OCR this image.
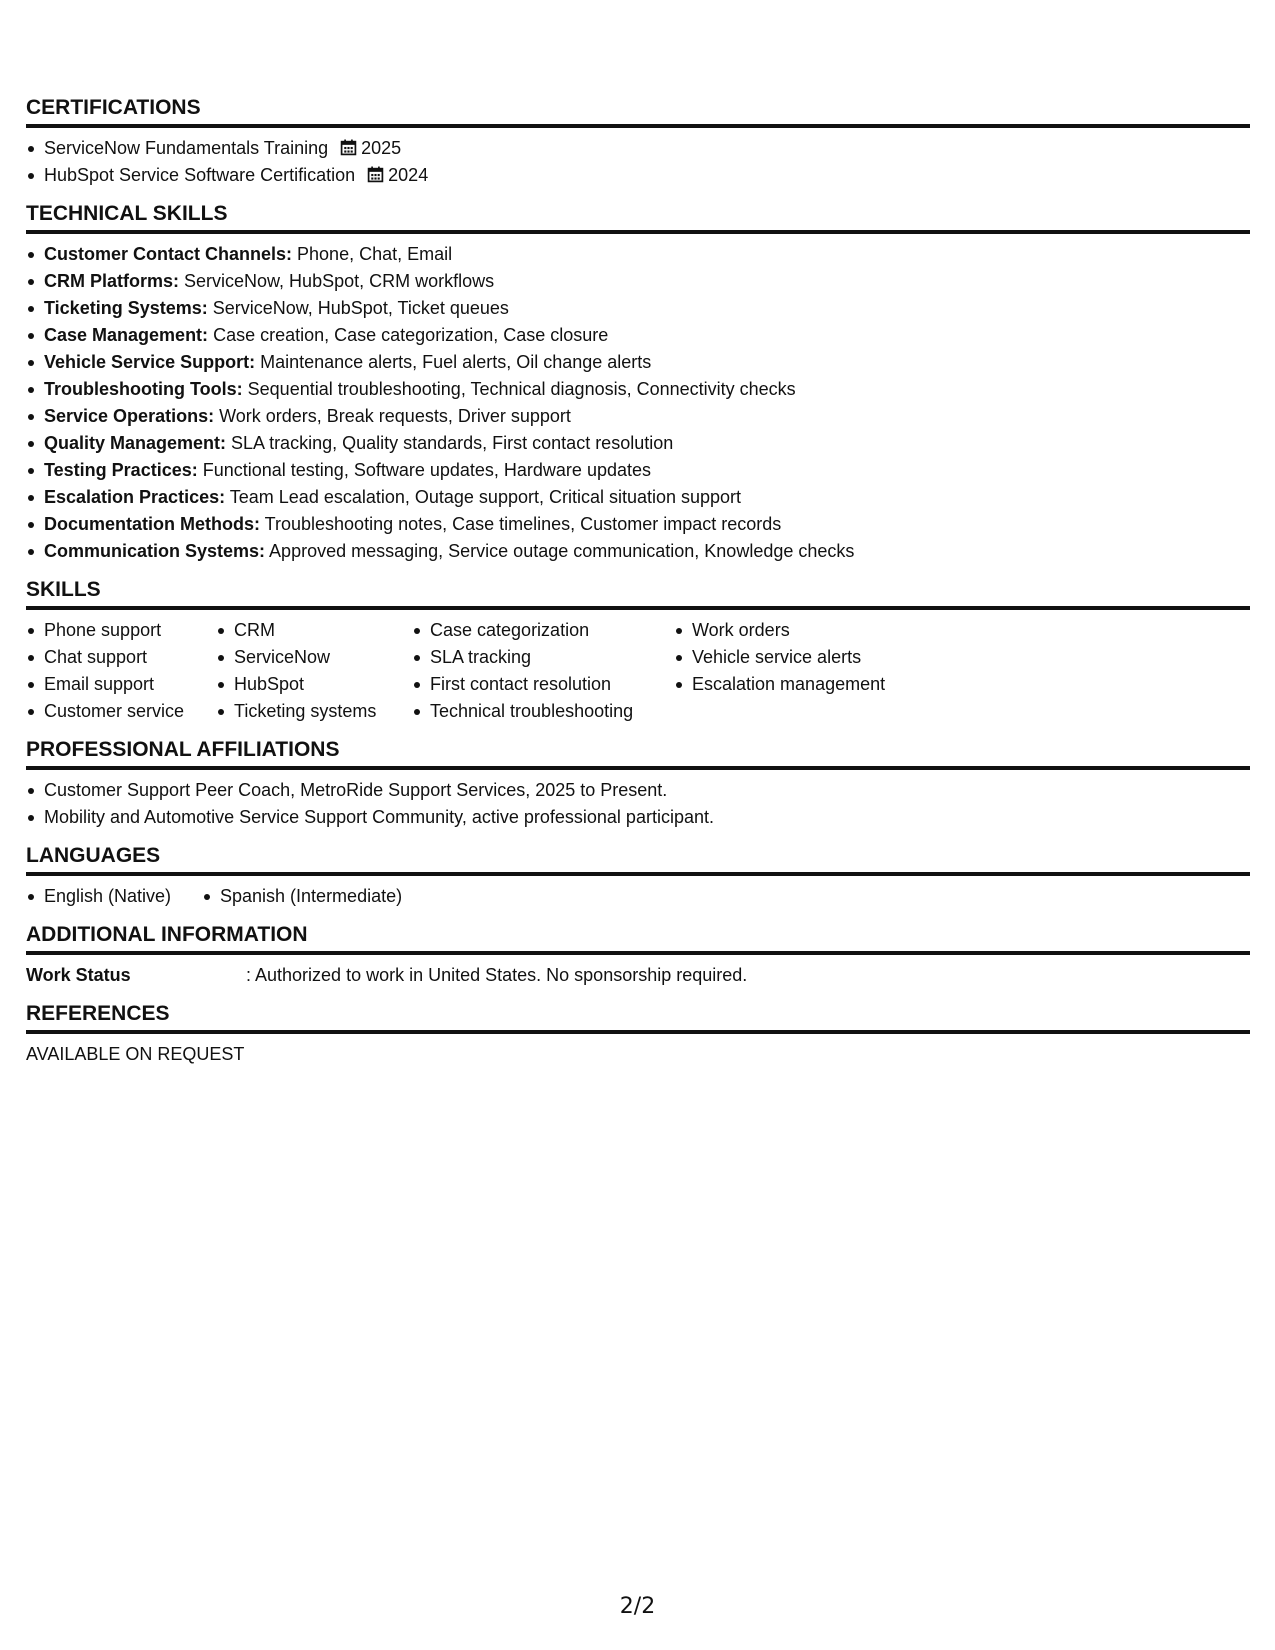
CERTIFICATIONS
ServiceNow Fundamentals Training 2025
HubSpot Service Software Certification 2024
TECHNICAL SKILLS
Customer Contact Channels: Phone, Chat, Email
CRM Platforms: ServiceNow, HubSpot, CRM workflows
Ticketing Systems: ServiceNow, HubSpot, Ticket queues
Case Management: Case creation, Case categorization, Case closure
Vehicle Service Support: Maintenance alerts, Fuel alerts, Oil change alerts
Troubleshooting Tools: Sequential troubleshooting, Technical diagnosis, Connectivity checks
Service Operations: Work orders, Break requests, Driver support
Quality Management: SLA tracking, Quality standards, First contact resolution
Testing Practices: Functional testing, Software updates, Hardware updates
Escalation Practices: Team Lead escalation, Outage support, Critical situation support
Documentation Methods: Troubleshooting notes, Case timelines, Customer impact records
Communication Systems: Approved messaging, Service outage communication, Knowledge checks
SKILLS
Phone support
Chat support
Email support
Customer service
CRM
ServiceNow
HubSpot
Ticketing systems
Case categorization
SLA tracking
First contact resolution
Technical troubleshooting
Work orders
Vehicle service alerts
Escalation management
PROFESSIONAL AFFILIATIONS
Customer Support Peer Coach, MetroRide Support Services, 2025 to Present.
Mobility and Automotive Service Support Community, active professional participant.
LANGUAGES
English (Native)	Spanish (Intermediate)
ADDITIONAL INFORMATION
Work Status	: Authorized to work in United States. No sponsorship required.
REFERENCES
AVAILABLE ON REQUEST
2/2
